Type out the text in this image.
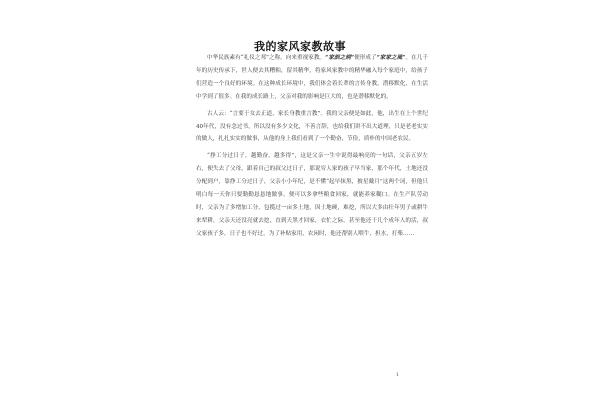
我的家风家教故事

中华民族素有“礼仪之邦”之称，向来重视家教。“家訓之詞”便形成了“家家之風”。在几千年的历史传承下，世人便去其糟粕，留其精华，将家风家教中的精华融入每个家庭中，给孩子们营造一个良好的环境。在这种成长环境中，我们体会着长辈的言传身教，潜移默化，在生活中学到了很多。在我的成长路上，父亲对我的影响是巨大的，也是潜移默化的。

古人云：“言要于女去正道，家长身教重言教”。我的父亲便是如此，他，出生在上个世纪40年代，没有念过书，所以没有多少文化，不善言辞，也给我们讲不出大道理，只是老老实实的做人，扎扎实实的做事，从他的身上我们看到了一个勤奋，节俭，质朴的中国老农民。

“挣工分过日子，越勤奋，越多得”，这是父亲一生中说得最响亮的一句话，父亲五岁左右，便失去了父母，跟着自己的叔父过日子，那说穷人家的孩子早当家，那个年代，土地还没分配到户，靠挣工分过日子，父亲小小年纪，是不懂“起早抹黑，披星戴月”这两个词，但他只明白每一天你只要勤勤恳恳地做事，便可以多拿些粮食回家，就能养家糊口。在生产队劳动时，父亲为了多增加工分，包揽过一亩多土地，因土地硬，难挖，所以大多由壮年男子或耕牛来犁耕，父亲天还没亮就去挖，直到天黑才回家，衣忙之际，甚至他还干几个成年人的活，叔父家孩子多，日子也不好过，为了补贴家用，农闲时，他还帮别人喂牛，担水，打柴……

1
